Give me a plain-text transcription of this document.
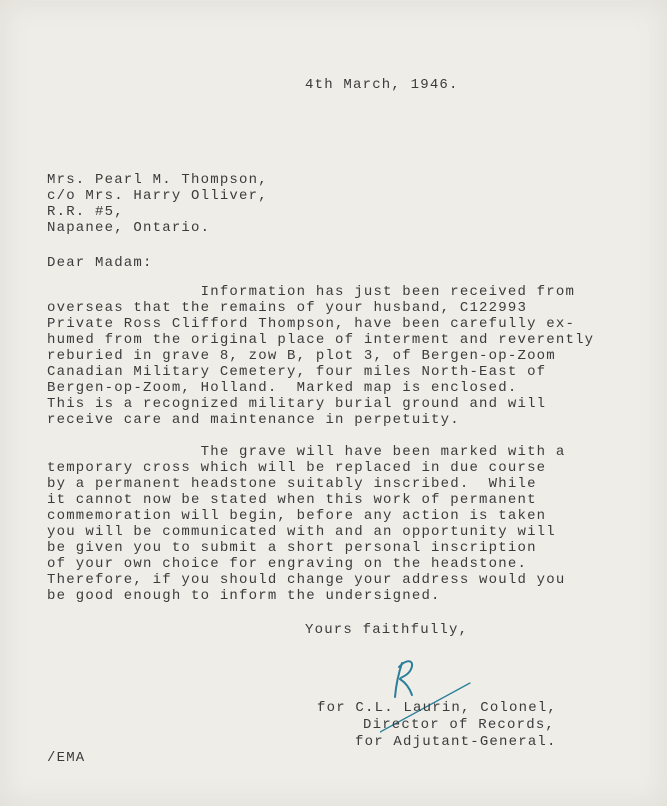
4th March, 1946.
Mrs. Pearl M. Thompson,
c/o Mrs. Harry Olliver,
R.R. #5,
Napanee, Ontario.
Dear Madam:
Information has just been received from
overseas that the remains of your husband, C122993
Private Ross Clifford Thompson, have been carefully ex-
humed from the original place of interment and reverently
reburied in grave 8, zow B, plot 3, of Bergen-op-Zoom
Canadian Military Cemetery, four miles North-East of
Bergen-op-Zoom, Holland.  Marked map is enclosed.
This is a recognized military burial ground and will
receive care and maintenance in perpetuity.
The grave will have been marked with a
temporary cross which will be replaced in due course
by a permanent headstone suitably inscribed.  While
it cannot now be stated when this work of permanent
commemoration will begin, before any action is taken
you will be communicated with and an opportunity will
be given you to submit a short personal inscription
of your own choice for engraving on the headstone.
Therefore, if you should change your address would you
be good enough to inform the undersigned.
Yours faithfully,
for C.L. Laurin, Colonel,
Director of Records,
for Adjutant-General.
/EMA
